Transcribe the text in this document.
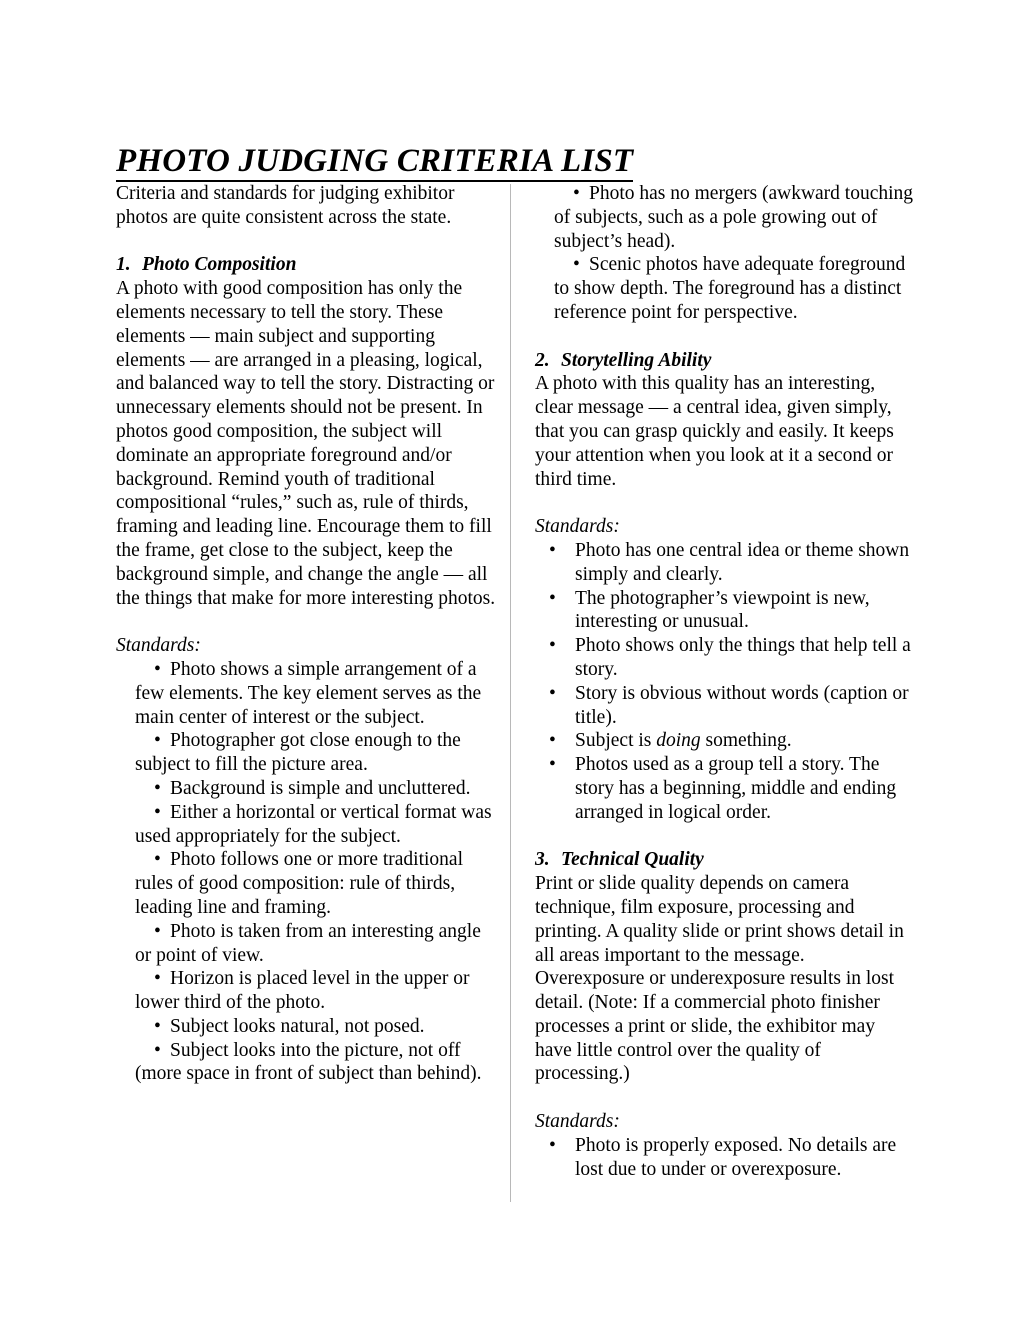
PHOTO JUDGING CRITERIA LIST

Criteria and standards for judging exhibitor photos are quite consistent across the state.

1. Photo Composition

A photo with good composition has only the elements necessary to tell the story. These elements — main subject and supporting elements — are arranged in a pleasing, logical, and balanced way to tell the story. Distracting or unnecessary elements should not be present. In photos good composition, the subject will dominate an appropriate foreground and/or background. Remind youth of traditional compositional “rules,” such as, rule of thirds, framing and leading line. Encourage them to fill the frame, get close to the subject, keep the background simple, and change the angle — all the things that make for more interesting photos.

Standards:

• Photo shows a simple arrangement of a few elements. The key element serves as the main center of interest or the subject.
• Photographer got close enough to the subject to fill the picture area.
• Background is simple and uncluttered.
• Either a horizontal or vertical format was used appropriately for the subject.
• Photo follows one or more traditional rules of good composition: rule of thirds, leading line and framing.
• Photo is taken from an interesting angle or point of view.
• Horizon is placed level in the upper or lower third of the photo.
• Subject looks natural, not posed.
• Subject looks into the picture, not off (more space in front of subject than behind).
• Photo has no mergers (awkward touching of subjects, such as a pole growing out of subject’s head).
• Scenic photos have adequate foreground to show depth. The foreground has a distinct reference point for perspective.

2. Storytelling Ability

A photo with this quality has an interesting, clear message — a central idea, given simply, that you can grasp quickly and easily. It keeps your attention when you look at it a second or third time.

Standards:

• Photo has one central idea or theme shown simply and clearly.
• The photographer’s viewpoint is new, interesting or unusual.
• Photo shows only the things that help tell a story.
• Story is obvious without words (caption or title).
• Subject is doing something.
• Photos used as a group tell a story. The story has a beginning, middle and ending arranged in logical order.

3. Technical Quality

Print or slide quality depends on camera technique, film exposure, processing and printing. A quality slide or print shows detail in all areas important to the message. Overexposure or underexposure results in lost detail. (Note: If a commercial photo finisher processes a print or slide, the exhibitor may have little control over the quality of processing.)

Standards:

• Photo is properly exposed. No details are lost due to under or overexposure.
